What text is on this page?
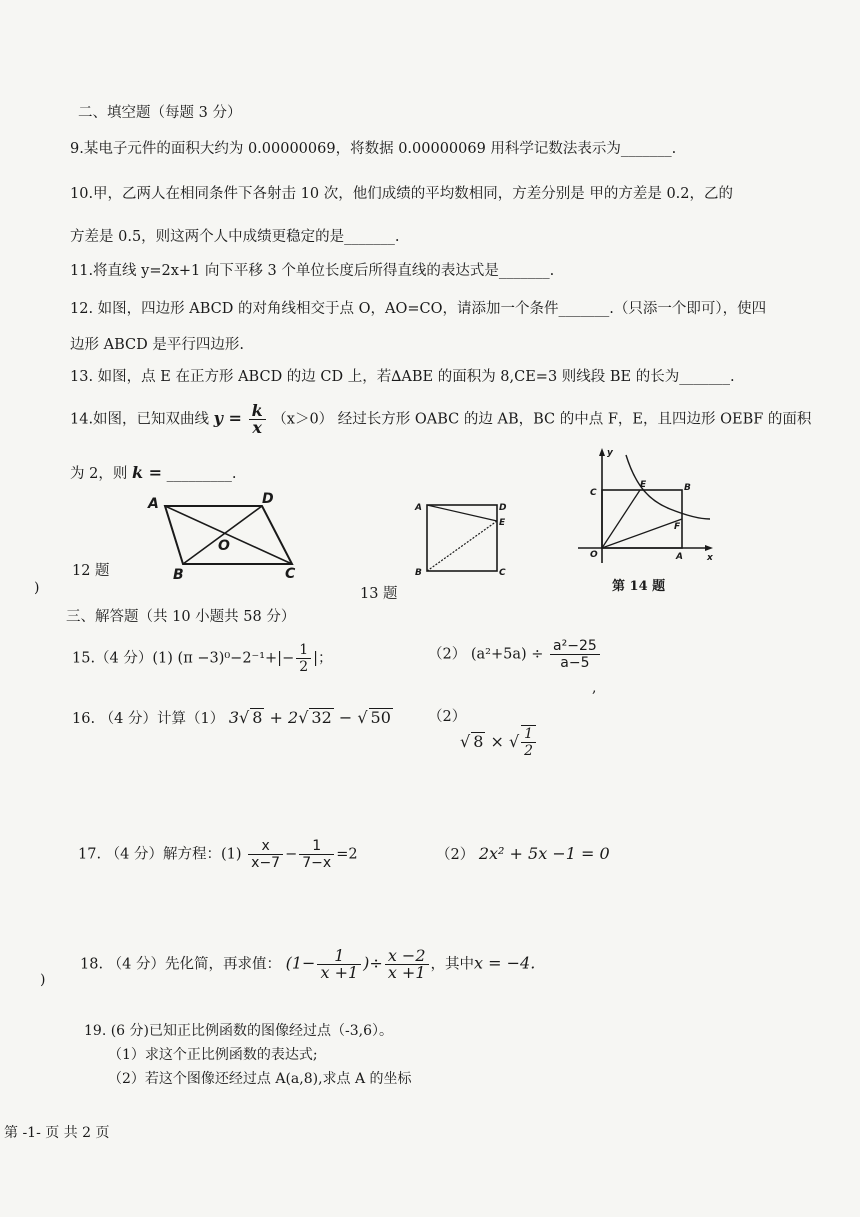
二、填空题（每题 3 分）
9.某电子元件的面积大约为 0.00000069，将数据 0.00000069 用科学记数法表示为_______.
10.甲，乙两人在相同条件下各射击 10 次，他们成绩的平均数相同，方差分别是 甲的方差是 0.2，乙的
方差是 0.5，则这两个人中成绩更稳定的是_______.
11.将直线 y=2x+1 向下平移 3 个单位长度后所得直线的表达式是_______.
12. 如图，四边形 ABCD 的对角线相交于点 O，AO=CO，请添加一个条件_______.（只添一个即可），使四
边形 ABCD 是平行四边形.
13. 如图，点 E 在正方形 ABCD 的边 CD 上，若∆ABE 的面积为 8,CE=3 则线段 BE 的长为_______.
14.如图，已知双曲线 $y = \frac{k}{x} (x>0)$ 经过长方形 OABC 的边 AB，BC 的中点 F，E，且四边形 OEBF 的面积
为 2，则 k = _________.
A	D
B	C
O
12 题
A	D
E
B	C
13 题
y
x
C
E	B
F
O	A
第 14 题
)
三、解答题（共 10 小题共 58 分）
15.（4 分）(1) $(\pi -3)^0-2^{-1}+|- \frac{1}{2}$ |；	（2） $(a^2+5a) \div \frac{\text{a²−25}}{a-5}$
,
16. （4 分）计算（1） 3√ 8 + 2√ 32 − √ 50	（2）
√ 8 × √ $\frac{1}{2}$
17. （4 分）解方程：$(1) \frac{x}{x-7} - \frac{1}{7-x} =2$	（2） 2x² + 5x −1 = 0
18. （4 分）先化简，再求值： ($1- \frac{1}{x +1}$ )÷ $\frac{x -2}{x +1}$ ，其中x = −4.
)
19. (6 分)已知正比例函数的图像经过点（-3,6）。
（1）求这个正比例函数的表达式;
（2）若这个图像还经过点 A(a,8),求点 A 的坐标
第 -1- 页 共 2 页
